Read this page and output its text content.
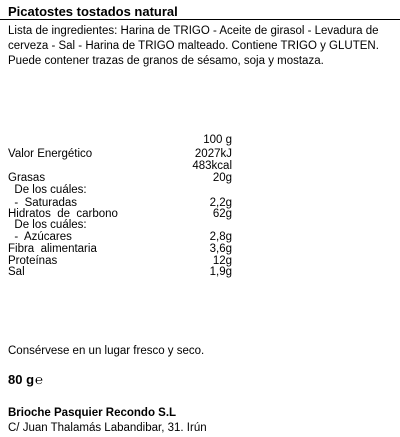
Picatostes tostados natural
Lista de ingredientes: Harina de TRIGO - Aceite de girasol - Levadura de cerveza - Sal - Harina de TRIGO malteado. Contiene TRIGO y GLUTEN. Puede contener trazas de granos de sésamo, soja y mostaza.
100 g
Valor Energético	2027kJ
483kcal
Grasas	20g
De los cuáles:
-  Saturadas	2,2g
Hidratos  de  carbono	62g
De los cuáles:
-  Azúcares	2,8g
Fibra  alimentaria	3,6g
Proteínas	12g
Sal	1,9g
Consérvese en un lugar fresco y seco.
80 g℮
Brioche Pasquier Recondo S.L
C/ Juan Thalamás Labandibar, 31. Irún
